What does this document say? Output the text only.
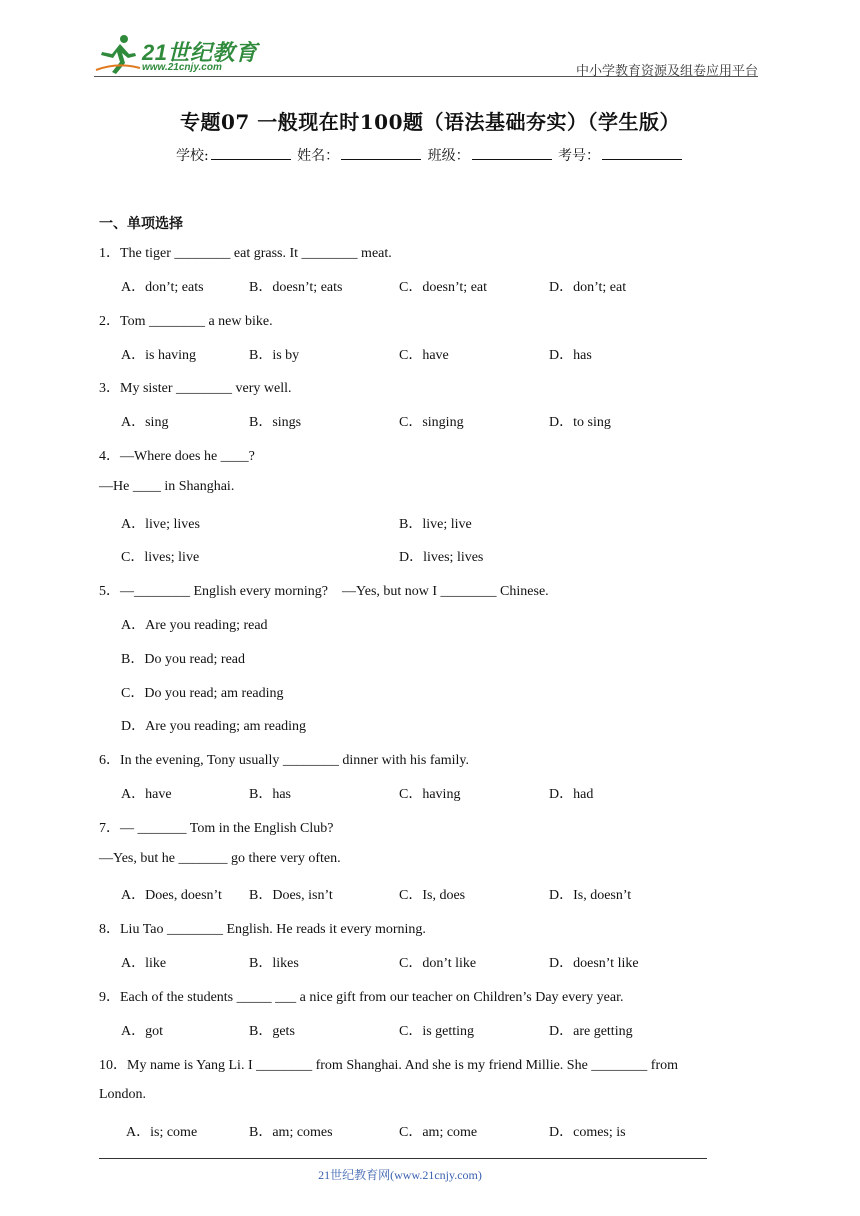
21世纪教育
www.21cnjy.com	中小学教育资源及组卷应用平台
专题07 一般现在时100题（语法基础夯实）（学生版）
学校:	姓名：	班级：	考号：
一、单项选择
1．The tiger ________ eat grass. It ________ meat.
A．don’t; eats	B．doesn’t; eats	C．doesn’t; eat	D．don’t; eat
2．Tom ________ a new bike.
A．is having	B．is by	C．have	D．has
3．My sister ________ very well.
A．sing	B．sings	C．singing	D．to sing
4．—Where does he ____?
—He ____ in Shanghai.
A．live; lives	B．live; live
C．lives; live	D．lives; lives
5．—________ English every morning?　—Yes, but now I ________ Chinese.
A．Are you reading; read
B．Do you read; read
C．Do you read; am reading
D．Are you reading; am reading
6．In the evening, Tony usually ________ dinner with his family.
A．have	B．has	C．having	D．had
7．— _______ Tom in the English Club?
—Yes, but he _______ go there very often.
A．Does, doesn’t B．Does, isn’t	C．Is, does	D．Is, doesn’t
8．Liu Tao ________ English. He reads it every morning.
A．like	B．likes	C．don’t like	D．doesn’t like
9．Each of the students _____ ___ a nice gift from our teacher on Children’s Day every year.
A．got	B．gets	C．is getting	D．are getting
10．My name is Yang Li. I ________ from Shanghai. And she is my friend Millie. She ________ from
London.
A．is; come	B．am; comes	C．am; come	D．comes; is
21世纪教育网(www.21cnjy.com)
